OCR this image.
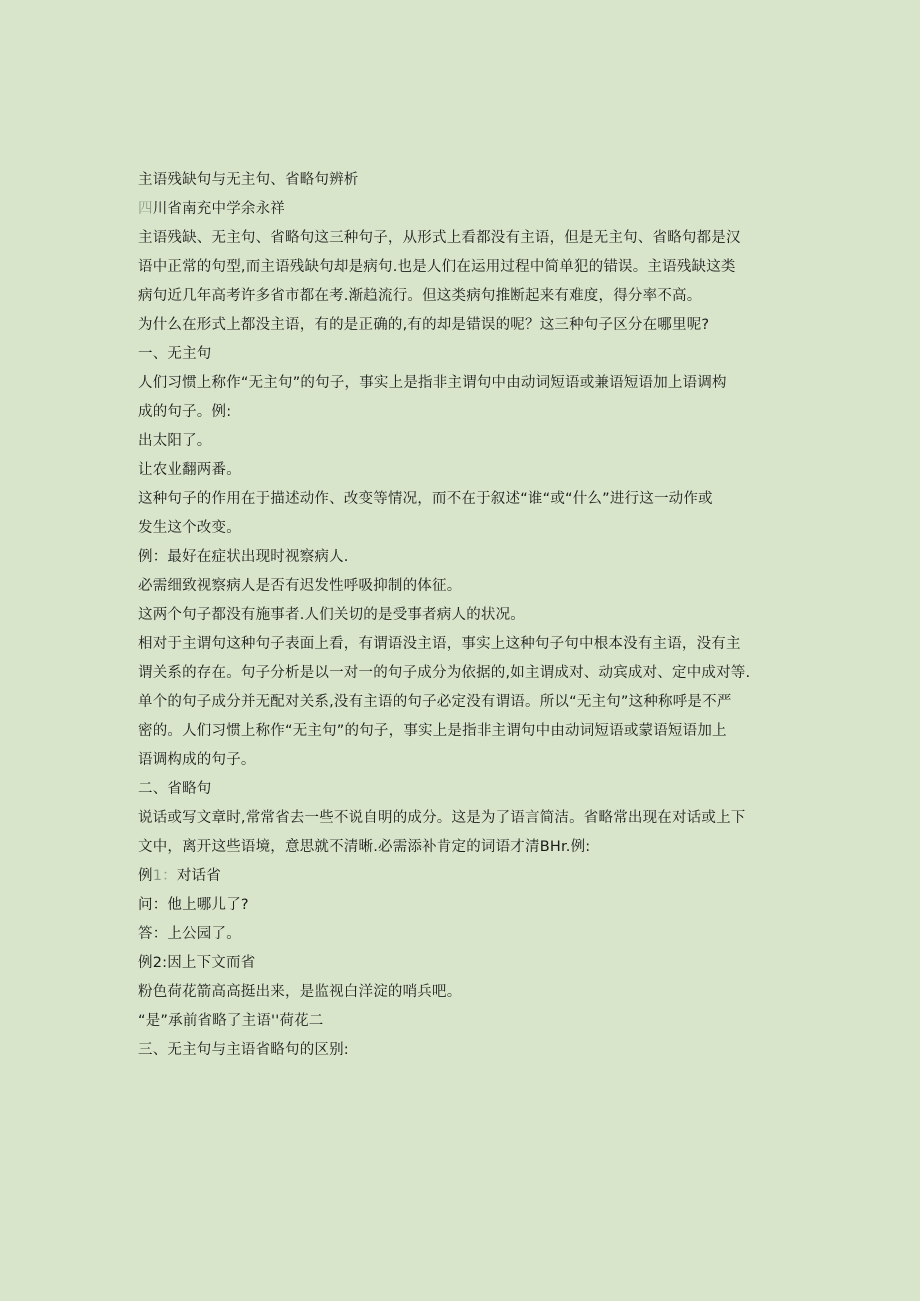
主语残缺句与无主句、省略句辨析
四川省南充中学余永祥
主语残缺、无主句、省略句这三种句子，从形式上看都没有主语，但是无主句、省略句都是汉
语中正常的句型,而主语残缺句却是病句.也是人们在运用过程中简单犯的错误。主语残缺这类
病句近几年高考许多省市都在考.渐趋流行。但这类病句推断起来有难度，得分率不高。
为什么在形式上都没主语，有的是正确的,有的却是错误的呢？这三种句子区分在哪里呢?
一、无主句
人们习惯上称作“无主句”的句子，事实上是指非主谓句中由动词短语或兼语短语加上语调构
成的句子。例:
出太阳了。
让农业翻两番。
这种句子的作用在于描述动作、改变等情况，而不在于叙述“谁“或“什么”进行这一动作或
发生这个改变。
例：最好在症状出现时视察病人.
必需细致视察病人是否有迟发性呼吸抑制的体征。
这两个句子都没有施事者.人们关切的是受事者病人的状况。
相对于主谓句这种句子表面上看，有谓语没主语，事实上这种句子句中根本没有主语，没有主
谓关系的存在。句子分析是以一对一的句子成分为依据的,如主谓成对、动宾成对、定中成对等.
单个的句子成分并无配对关系,没有主语的句子必定没有谓语。所以“无主句”这种称呼是不严
密的。人们习惯上称作“无主句”的句子，事实上是指非主谓句中由动词短语或蒙语短语加上
语调构成的句子。
二、省略句
说话或写文章时,常常省去一些不说自明的成分。这是为了语言简洁。省略常出现在对话或上下
文中，离开这些语境，意思就不清晰.必需添补肯定的词语才清BHr.例:
例1：对话省
问：他上哪儿了?
答：上公园了。
例2:因上下文而省
粉色荷花箭高高挺出来，是监视白洋淀的哨兵吧。
“是”承前省略了主语''荷花二
三、无主句与主语省略句的区别:
